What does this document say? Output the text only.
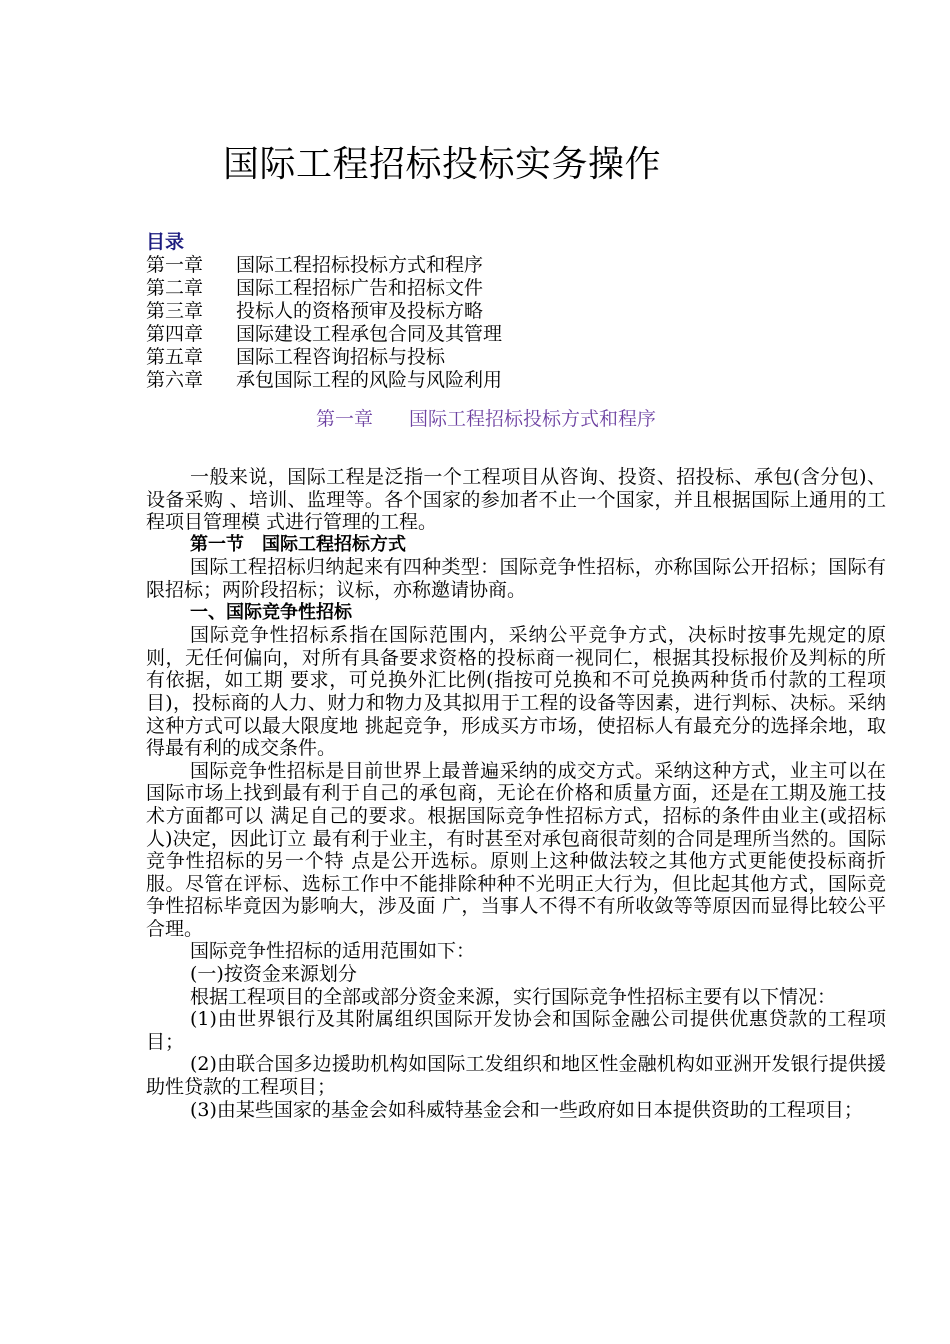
国际工程招标投标实务操作
目录
第一章 国际工程招标投标方式和程序
第二章 国际工程招标广告和招标文件
第三章 投标人的资格预审及投标方略
第四章 国际建设工程承包合同及其管理
第五章 国际工程咨询招标与投标
第六章 承包国际工程的风险与风险利用
第一章 国际工程招标投标方式和程序

一般来说，国际工程是泛指一个工程项目从咨询、投资、招投标、承包(含分包)、设备采购 、培训、监理等。各个国家的参加者不止一个国家，并且根据国际上通用的工程项目管理模 式进行管理的工程。

第一节　国际工程招标方式

国际工程招标归纳起来有四种类型：国际竞争性招标，亦称国际公开招标；国际有限招标；两阶段招标；议标，亦称邀请协商。

一、国际竞争性招标

国际竞争性招标系指在国际范围内，采纳公平竞争方式，决标时按事先规定的原则，无任何偏向，对所有具备要求资格的投标商一视同仁，根据其投标报价及判标的所有依据，如工期 要求，可兑换外汇比例(指按可兑换和不可兑换两种货币付款的工程项目)，投标商的人力、财力和物力及其拟用于工程的设备等因素，进行判标、决标。采纳这种方式可以最大限度地 挑起竞争，形成买方市场，使招标人有最充分的选择余地，取得最有利的成交条件。

国际竞争性招标是目前世界上最普遍采纳的成交方式。采纳这种方式，业主可以在国际市场上找到最有利于自己的承包商，无论在价格和质量方面，还是在工期及施工技术方面都可以 满足自己的要求。根据国际竞争性招标方式，招标的条件由业主(或招标人)决定，因此订立 最有利于业主，有时甚至对承包商很苛刻的合同是理所当然的。国际竞争性招标的另一个特 点是公开选标。原则上这种做法较之其他方式更能使投标商折服。尽管在评标、选标工作中不能排除种种不光明正大行为，但比起其他方式，国际竞争性招标毕竟因为影响大，涉及面 广，当事人不得不有所收敛等等原因而显得比较公平合理。

国际竞争性招标的适用范围如下：

(一)按资金来源划分

根据工程项目的全部或部分资金来源，实行国际竞争性招标主要有以下情况：

(1)由世界银行及其附属组织国际开发协会和国际金融公司提供优惠贷款的工程项目；

(2)由联合国多边援助机构如国际工发组织和地区性金融机构如亚洲开发银行提供援助性贷款的工程项目；

(3)由某些国家的基金会如科威特基金会和一些政府如日本提供资助的工程项目；
